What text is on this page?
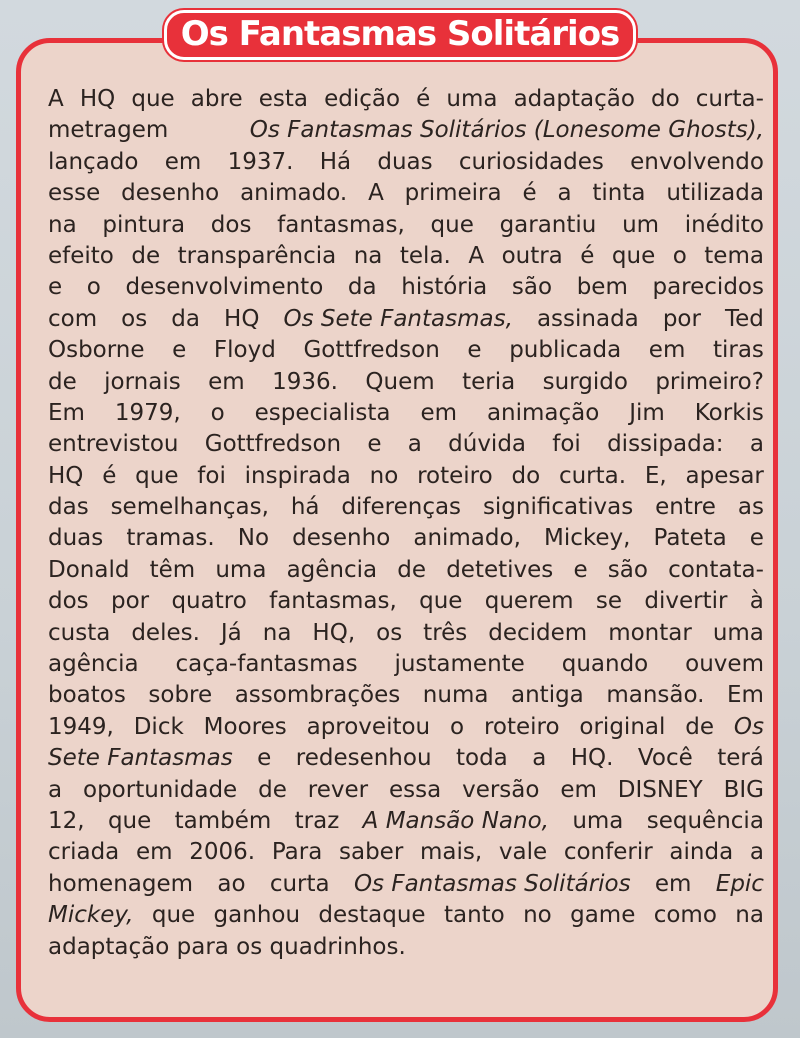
Os Fantasmas Solitários
A HQ que abre esta edição é uma adaptação do curta-
metragem	Os Fantasmas Solitários (Lonesome Ghosts),
lançado em 1937. Há duas curiosidades envolvendo
esse desenho animado. A primeira é a tinta utilizada
na pintura dos fantasmas, que garantiu um inédito
efeito de transparência na tela. A outra é que o tema
e o desenvolvimento da história são bem parecidos
com os da HQ Os Sete Fantasmas, assinada por Ted
Osborne e Floyd Gottfredson e publicada em tiras
de jornais em 1936. Quem teria surgido primeiro?
Em 1979, o especialista em animação Jim Korkis
entrevistou Gottfredson e a dúvida foi dissipada: a
HQ é que foi inspirada no roteiro do curta. E, apesar
das semelhanças, há diferenças significativas entre as
duas tramas. No desenho animado, Mickey, Pateta e
Donald têm uma agência de detetives e são contata-
dos por quatro fantasmas, que querem se divertir à
custa deles. Já na HQ, os três decidem montar uma
agência caça-fantasmas justamente quando ouvem
boatos sobre assombrações numa antiga mansão. Em
1949, Dick Moores aproveitou o roteiro original de Os
Sete Fantasmas e redesenhou toda a HQ. Você terá
a oportunidade de rever essa versão em DISNEY BIG
12, que também traz A Mansão Nano, uma sequência
criada em 2006. Para saber mais, vale conferir ainda a
homenagem ao curta Os Fantasmas Solitários em Epic
Mickey, que ganhou destaque tanto no game como na
adaptação para os quadrinhos.
